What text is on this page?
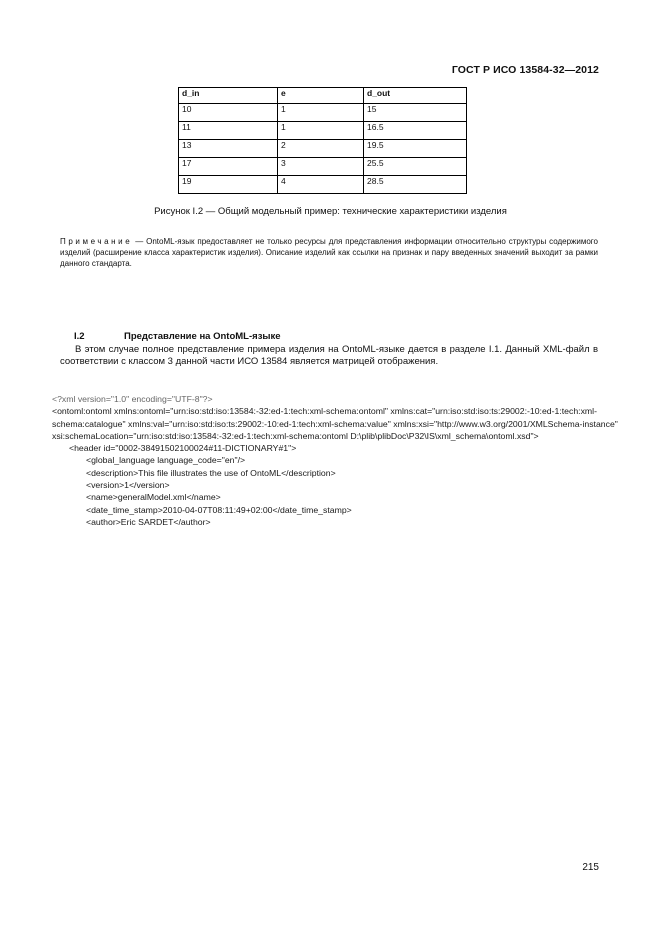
ГОСТ Р ИСО 13584-32—2012
d_in	e	d_out
10	1	15
11	1	16.5
13	2	19.5
17	3	25.5
19	4	28.5
Рисунок I.2 — Общий модельный пример: технические характеристики изделия
Примечание — OntoML-язык предоставляет не только ресурсы для представления информации относительно структуры содержимого изделий (расширение класса характеристик изделия). Описание изделий как ссылки на признак и пару введенных значений выходит за рамки данного стандарта.
I.2	Представление на OntoML-языке

В этом случае полное представление примера изделия на OntoML-языке дается в разделе I.1. Данный XML-файл в соответствии с классом 3 данной части ИСО 13584 является матрицей отображения.

<?xml version="1.0" encoding="UTF-8"?>
<ontoml:ontoml xmlns:ontoml="urn:iso:std:iso:13584:-32:ed-1:tech:xml-schema:ontoml" xmlns:cat="urn:iso:std:iso:ts:29002:-10:ed-1:tech:xml-schema:catalogue" xmlns:val="urn:iso:std:iso:ts:29002:-10:ed-1:tech:xml-schema:value" xmlns:xsi="http://www.w3.org/2001/XMLSchema-instance" xsi:schemaLocation="urn:iso:std:iso:13584:-32:ed-1:tech:xml-schema:ontoml D:\plib\plibDoc\P32\IS\xml_schema\ontoml.xsd">
<header id="0002-38491502100024#11-DICTIONARY#1">
<global_language language_code="en"/>
<description>This file illustrates the use of OntoML</description>
<version>1</version>
<name>generalModel.xml</name>
<date_time_stamp>2010-04-07T08:11:49+02:00</date_time_stamp>
<author>Eric SARDET</author>
215
